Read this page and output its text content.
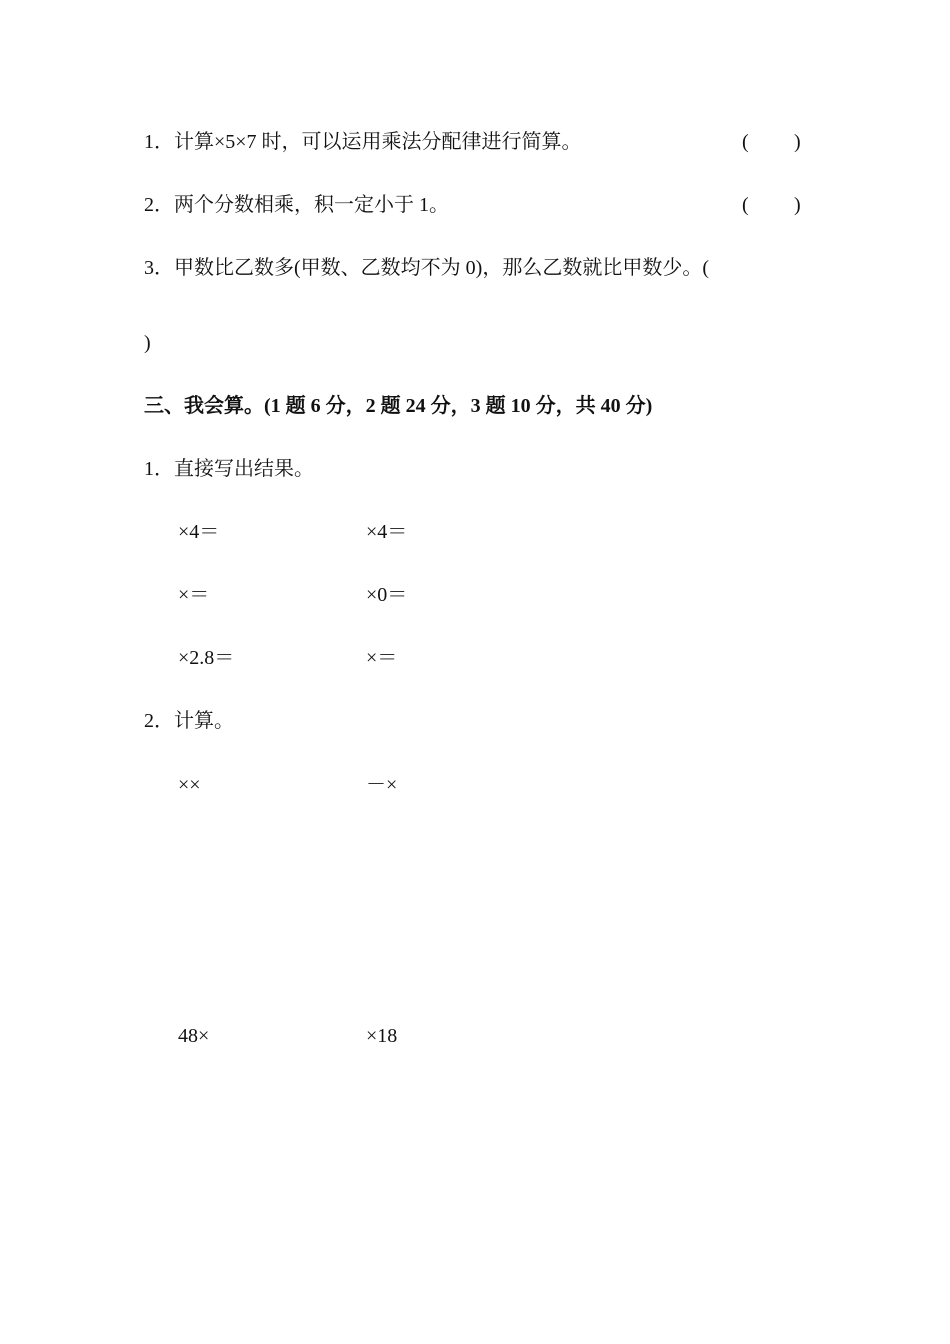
1．计算×5×7 时，可以运用乘法分配律进行简算。	( )
2．两个分数相乘，积一定小于 1。	( )
3．甲数比乙数多(甲数、乙数均不为 0)，那么乙数就比甲数少。(
)
三、我会算。(1 题 6 分，2 题 24 分，3 题 10 分，共 40 分)
1．直接写出结果。
×4＝	×4＝
×＝	×0＝
×2.8＝	×＝
2．计算。
××	－×
48×	×18
